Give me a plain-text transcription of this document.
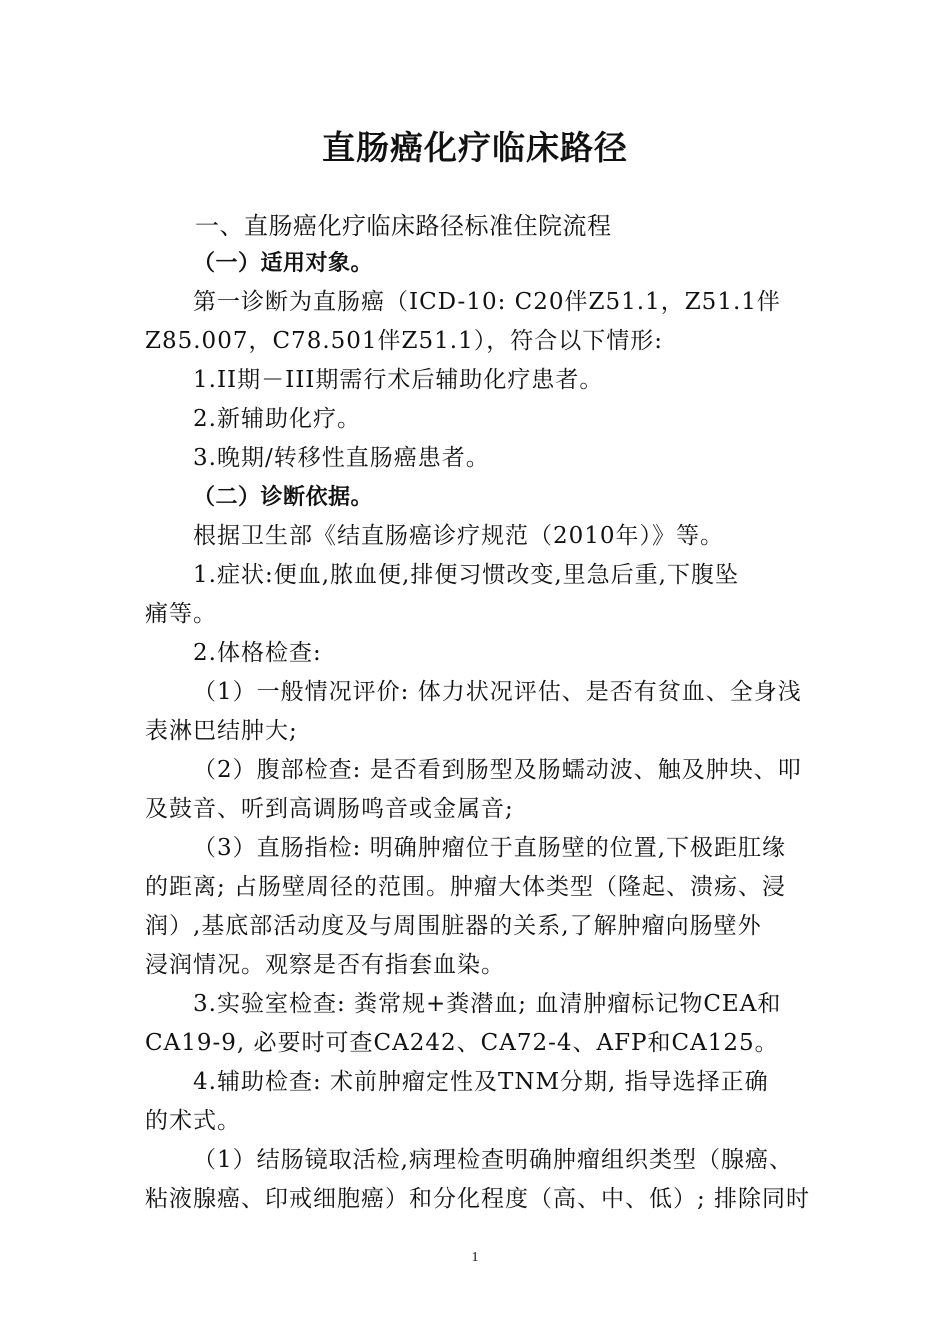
直肠癌化疗临床路径
一、直肠癌化疗临床路径标准住院流程
（一）适用对象。
第一诊断为直肠癌（ICD-10: C20伴Z51.1，Z51.1伴
Z85.007，C78.501伴Z51.1），符合以下情形:
1.II期－III期需行术后辅助化疗患者。
2.新辅助化疗。
3.晚期/转移性直肠癌患者。
（二）诊断依据。
根据卫生部《结直肠癌诊疗规范（2010年）》等。
1.症状:便血,脓血便,排便习惯改变,里急后重,下腹坠
痛等。
2.体格检查:
（1）一般情况评价: 体力状况评估、是否有贫血、全身浅
表淋巴结肿大;
（2）腹部检查: 是否看到肠型及肠蠕动波、触及肿块、叩
及鼓音、听到高调肠鸣音或金属音;
（3）直肠指检: 明确肿瘤位于直肠壁的位置,下极距肛缘
的距离; 占肠壁周径的范围。肿瘤大体类型（隆起、溃疡、浸
润）,基底部活动度及与周围脏器的关系,了解肿瘤向肠壁外
浸润情况。观察是否有指套血染。
3.实验室检查: 粪常规+粪潜血; 血清肿瘤标记物CEA和
CA19-9, 必要时可查CA242、CA72-4、AFP和CA125。
4.辅助检查: 术前肿瘤定性及TNM分期, 指导选择正确
的术式。
（1）结肠镜取活检,病理检查明确肿瘤组织类型（腺癌、
粘液腺癌、印戒细胞癌）和分化程度（高、中、低）; 排除同时
1
